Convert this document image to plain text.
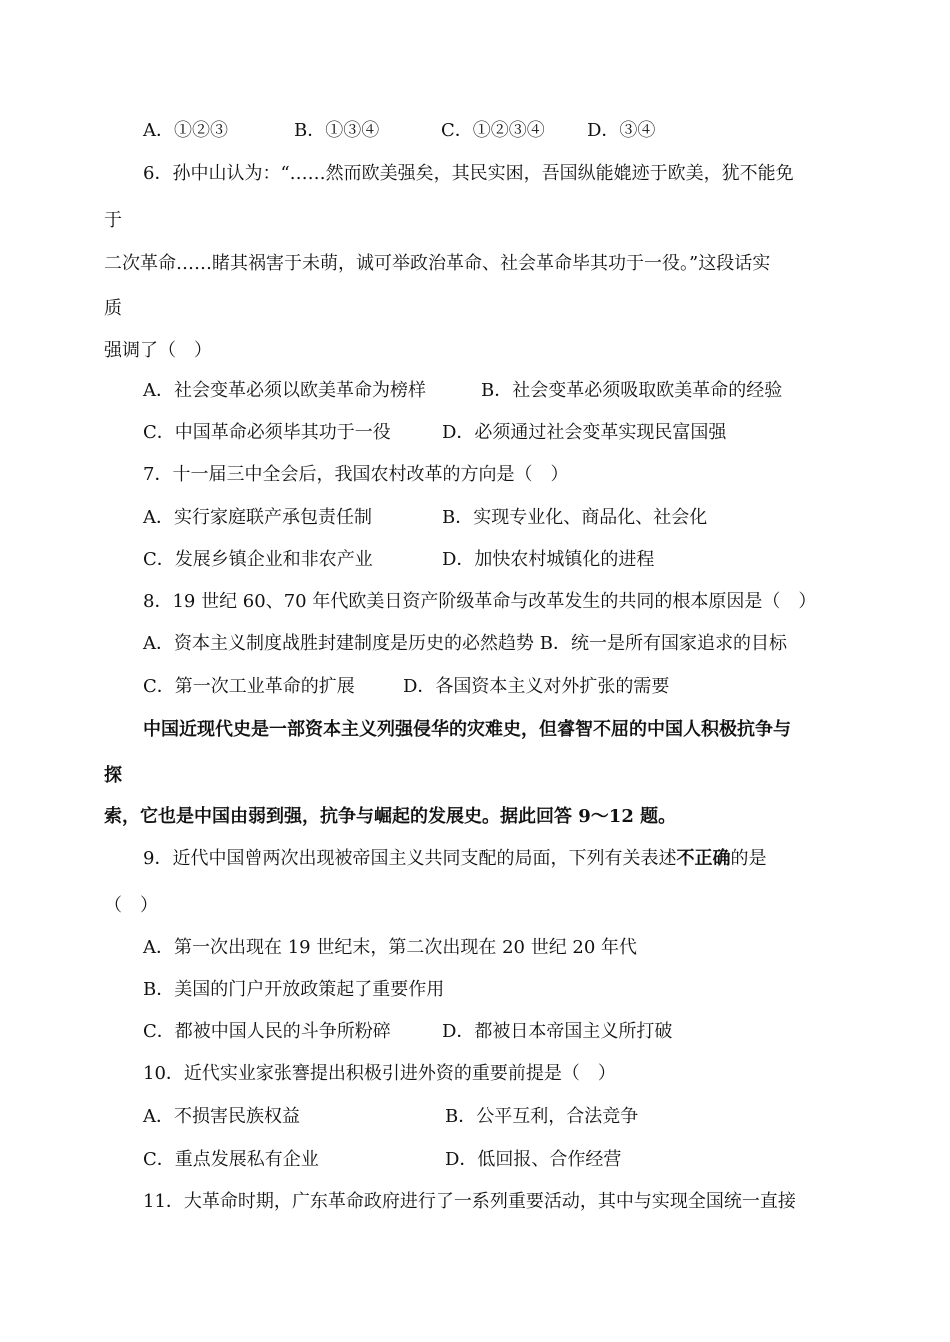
A．①②③	B．①③④	C．①②③④ D．③④
6．孙中山认为：“……然而欧美强矣，其民实困，吾国纵能媲迹于欧美，犹不能免
于
二次革命……睹其祸害于未萌，诚可举政治革命、社会革命毕其功于一役。”这段话实
质
强调了（　）
A．社会变革必须以欧美革命为榜样	B．社会变革必须吸取欧美革命的经验
C．中国革命必须毕其功于一役	D．必须通过社会变革实现民富国强
7．十一届三中全会后，我国农村改革的方向是（　）
A．实行家庭联产承包责任制	B．实现专业化、商品化、社会化
C．发展乡镇企业和非农产业	D．加快农村城镇化的进程
8．19 世纪 60、70 年代欧美日资产阶级革命与改革发生的共同的根本原因是（　）
A．资本主义制度战胜封建制度是历史的必然趋势 B．统一是所有国家追求的目标
C．第一次工业革命的扩展	D．各国资本主义对外扩张的需要
中国近现代史是一部资本主义列强侵华的灾难史，但睿智不屈的中国人积极抗争与
探
索，它也是中国由弱到强，抗争与崛起的发展史。据此回答 9～12 题。
9．近代中国曾两次出现被帝国主义共同支配的局面，下列有关表述不正确的是
（　）
A．第一次出现在 19 世纪末，第二次出现在 20 世纪 20 年代
B．美国的门户开放政策起了重要作用
C．都被中国人民的斗争所粉碎	D．都被日本帝国主义所打破
10．近代实业家张謇提出积极引进外资的重要前提是（　）
A．不损害民族权益	B．公平互利，合法竞争
C．重点发展私有企业	D．低回报、合作经营
11．大革命时期，广东革命政府进行了一系列重要活动，其中与实现全国统一直接
